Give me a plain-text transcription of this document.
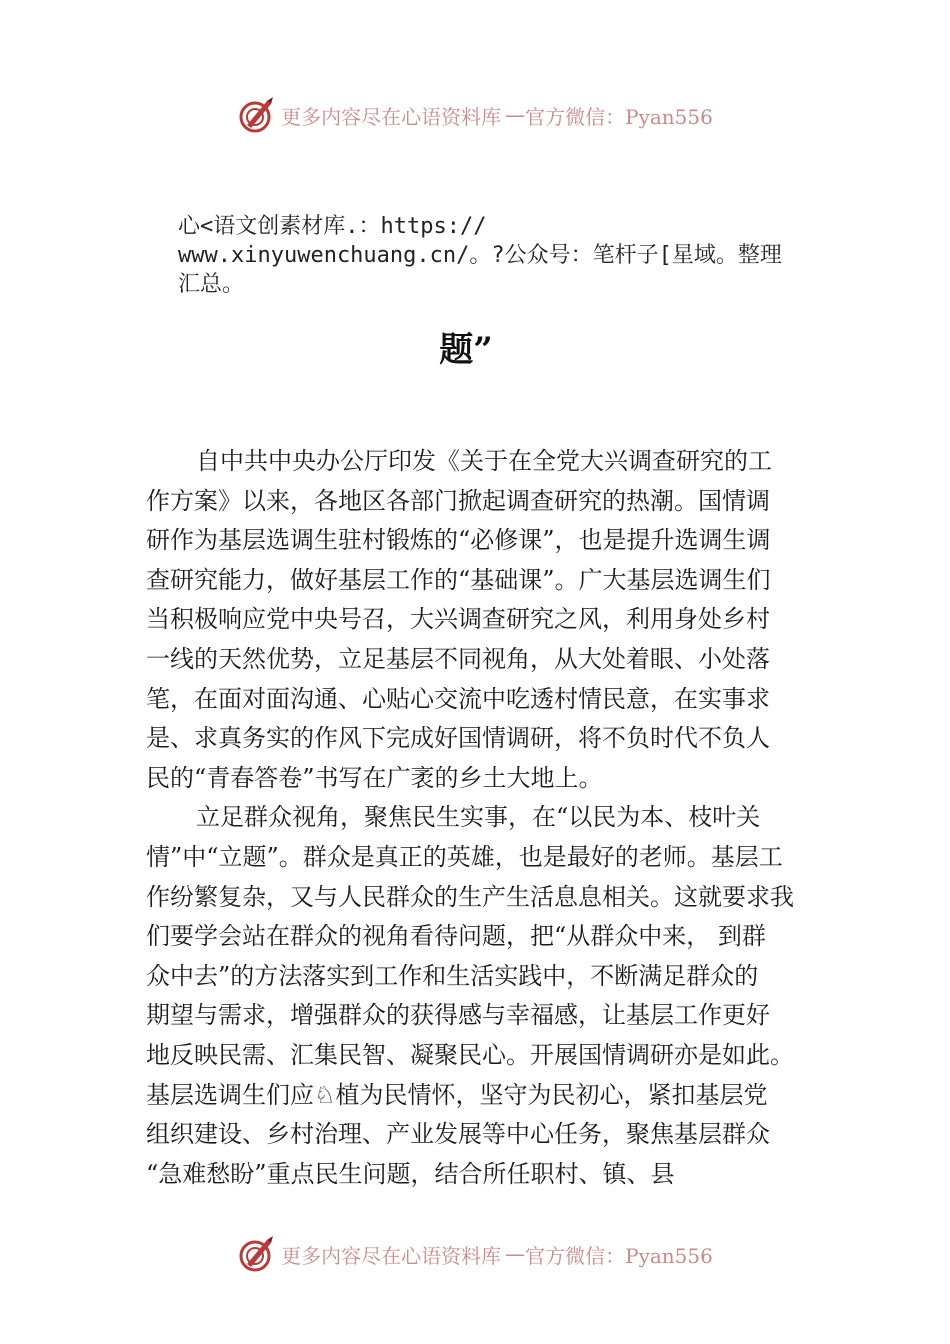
更多内容尽在心语资料库 — 官方微信：Pyan556
心<语文创素材库.：https://
www.xinyuwenchuang.cn/。?公众号：笔杆子[星域。整理
汇总。
题”
自中共中央办公厅印发《关于在全党大兴调查研究的工
作方案》以来，各地区各部门掀起调查研究的热潮。国情调
研作为基层选调生驻村锻炼的“必修课”，也是提升选调生调
查研究能力，做好基层工作的“基础课”。广大基层选调生们
当积极响应党中央号召，大兴调查研究之风，利用身处乡村
一线的天然优势，立足基层不同视角，从大处着眼、小处落
笔，在面对面沟通、心贴心交流中吃透村情民意，在实事求
是、求真务实的作风下完成好国情调研，将不负时代不负人
民的“青春答卷”书写在广袤的乡土大地上。
立足群众视角，聚焦民生实事，在“以民为本、枝叶关
情”中“立题”。群众是真正的英雄，也是最好的老师。基层工
作纷繁复杂，又与人民群众的生产生活息息相关。这就要求我
们要学会站在群众的视角看待问题，把“从群众中来， 到群
众中去”的方法落实到工作和生活实践中，不断满足群众的
期望与需求，增强群众的获得感与幸福感，让基层工作更好
地反映民需、汇集民智、凝聚民心。开展国情调研亦是如此。
基层选调生们应♘植为民情怀，坚守为民初心，紧扣基层党
组织建设、乡村治理、产业发展等中心任务，聚焦基层群众
“急难愁盼”重点民生问题，结合所任职村、镇、县
更多内容尽在心语资料库 — 官方微信：Pyan556
